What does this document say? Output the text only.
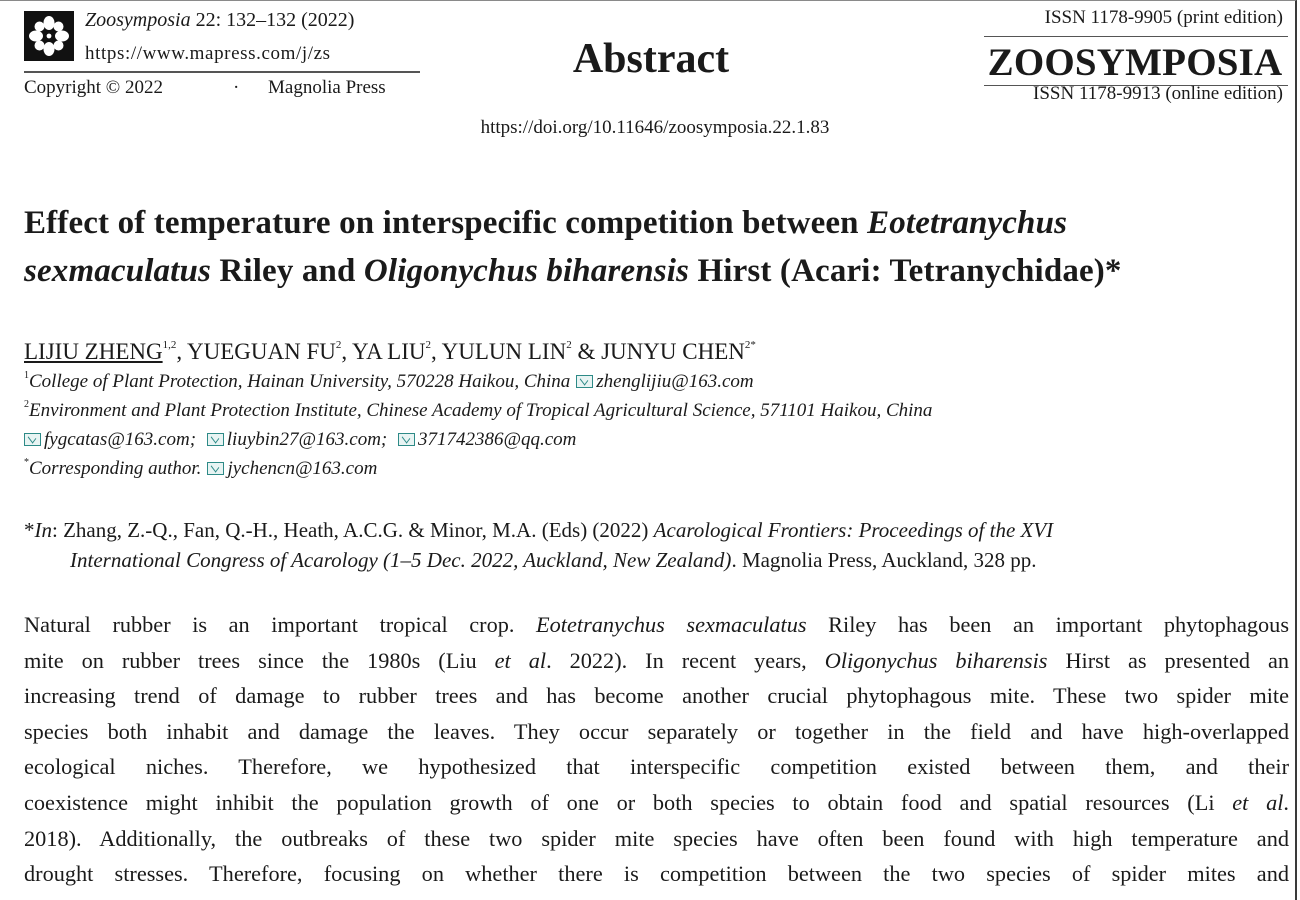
Zoosymposia 22: 132–132 (2022)
https://www.mapress.com/j/zs
Copyright © 2022	· Magnolia Press
Abstract
ISSN 1178-9905 (print edition)
ZOOSYMPOSIA
ISSN 1178-9913 (online edition)
https://doi.org/10.11646/zoosymposia.22.1.83
Effect of temperature on interspecific competition between Eotetranychus
sexmaculatus Riley and Oligonychus biharensis Hirst (Acari: Tetranychidae)*
LIJIU ZHENG$^{1,2}$, YUEGUAN $FU^2$, YA LIU$^2$, YULUN LIN$^2$ & JUNYU $CHEN^{2*}$
$^1$College of Plant Protection, Hainan University, 570228 Haikou, China zhenglijiu@163.com
$^2$Environment and Plant Protection Institute, Chinese Academy of Tropical Agricultural Science, 571101 Haikou, China
fygcatas@163.com; liuybin27@163.com; 371742386@qq.com
*Corresponding author. jychencn@163.com
*In: Zhang, Z.-Q., Fan, Q.-H., Heath, A.C.G. & Minor, M.A. (Eds) (2022) Acarological Frontiers: Proceedings of the XVI
International Congress of Acarology (1–5 Dec. 2022, Auckland, New Zealand). Magnolia Press, Auckland, 328 pp.
Natural rubber is an important tropical crop. Eotetranychus sexmaculatus Riley has been an important phytophagous
mite on rubber trees since the 1980s (Liu et al. 2022). In recent years, Oligonychus biharensis Hirst as presented an
increasing trend of damage to rubber trees and has become another crucial phytophagous mite. These two spider mite
species both inhabit and damage the leaves. They occur separately or together in the field and have high-overlapped
ecological niches. Therefore, we hypothesized that interspecific competition existed between them, and their
coexistence might inhibit the population growth of one or both species to obtain food and spatial resources (Li et al.
2018). Additionally, the outbreaks of these two spider mite species have often been found with high temperature and
drought stresses. Therefore, focusing on whether there is competition between the two species of spider mites and
